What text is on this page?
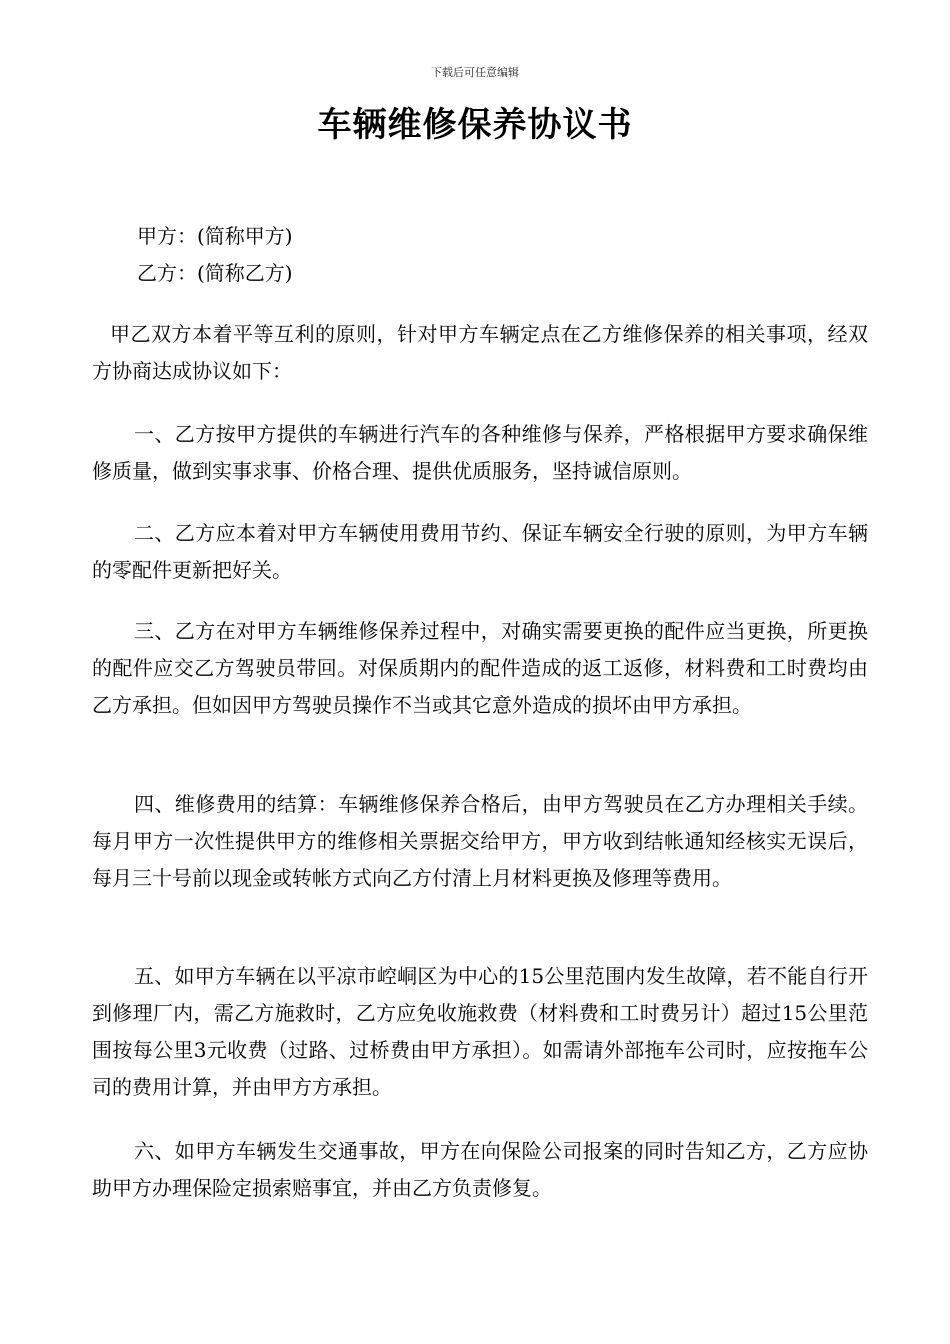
下载后可任意编辑
车辆维修保养协议书
甲方：(简称甲方)
乙方：(简称乙方)

甲乙双方本着平等互利的原则，针对甲方车辆定点在乙方维修保养的相关事项，经双方协商达成协议如下：

一、乙方按甲方提供的车辆进行汽车的各种维修与保养，严格根据甲方要求确保维修质量，做到实事求事、价格合理、提供优质服务，坚持诚信原则。

二、乙方应本着对甲方车辆使用费用节约、保证车辆安全行驶的原则，为甲方车辆的零配件更新把好关。

三、乙方在对甲方车辆维修保养过程中，对确实需要更换的配件应当更换，所更换的配件应交乙方驾驶员带回。对保质期内的配件造成的返工返修，材料费和工时费均由乙方承担。但如因甲方驾驶员操作不当或其它意外造成的损坏由甲方承担。

四、维修费用的结算：车辆维修保养合格后，由甲方驾驶员在乙方办理相关手续。每月甲方一次性提供甲方的维修相关票据交给甲方，甲方收到结帐通知经核实无误后，每月三十号前以现金或转帐方式向乙方付清上月材料更换及修理等费用。

五、如甲方车辆在以平凉市崆峒区为中心的15公里范围内发生故障，若不能自行开到修理厂内，需乙方施救时，乙方应免收施救费（材料费和工时费另计）超过15公里范围按每公里3元收费（过路、过桥费由甲方承担）。如需请外部拖车公司时，应按拖车公司的费用计算，并由甲方方承担。

六、如甲方车辆发生交通事故，甲方在向保险公司报案的同时告知乙方，乙方应协助甲方办理保险定损索赔事宜，并由乙方负责修复。
